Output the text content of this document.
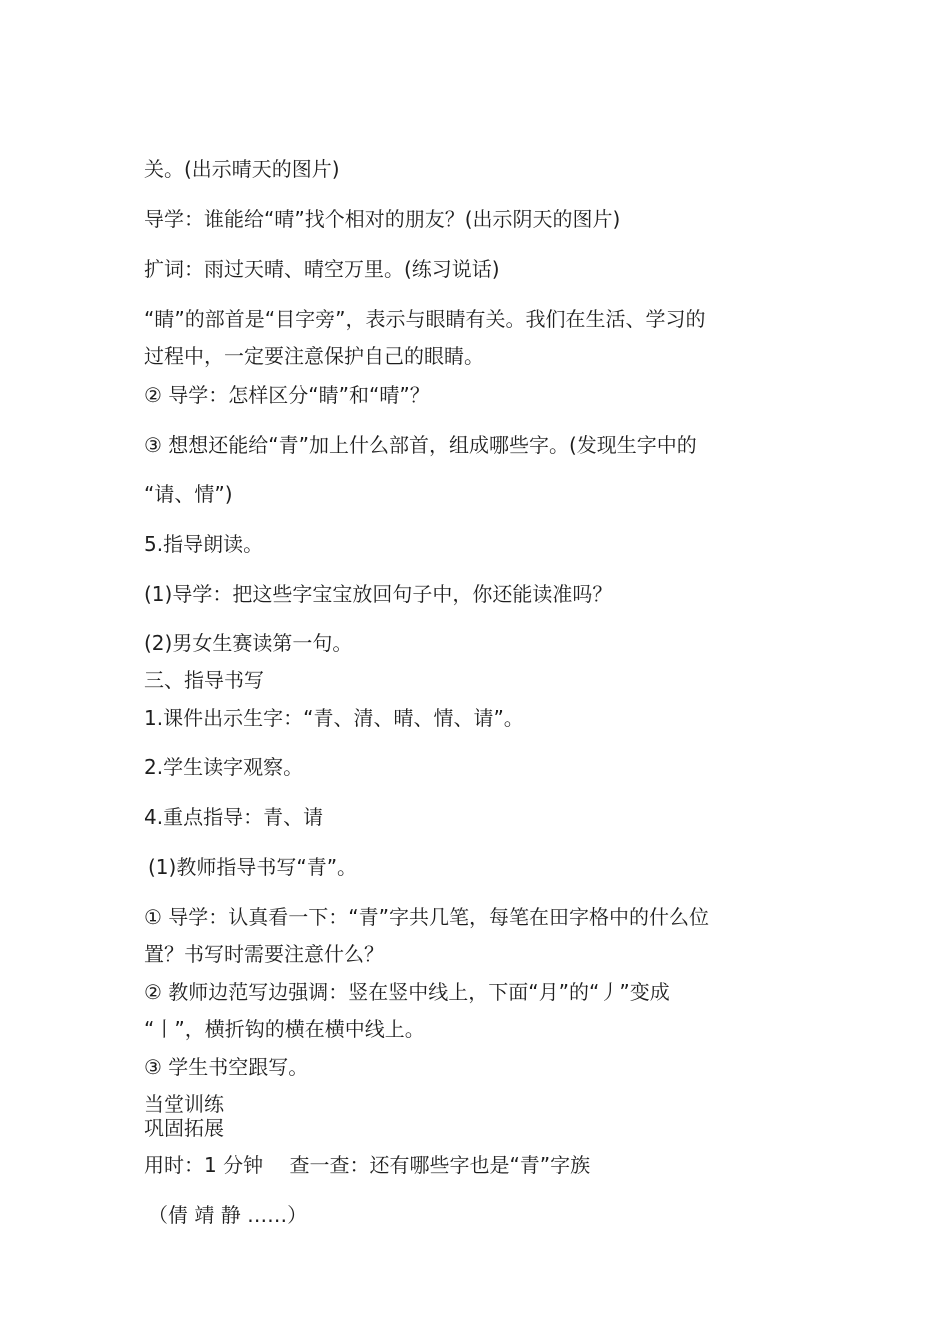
关。(出示晴天的图片)

导学：谁能给“晴”找个相对的朋友？(出示阴天的图片)

扩词：雨过天晴、晴空万里。(练习说话)

“睛”的部首是“目字旁”，表示与眼睛有关。我们在生活、学习的

过程中，一定要注意保护自己的眼睛。

② 导学：怎样区分“睛”和“晴”？

③ 想想还能给“青”加上什么部首，组成哪些字。(发现生字中的

“请、情”)

5.指导朗读。

(1)导学：把这些字宝宝放回句子中，你还能读准吗？

(2)男女生赛读第一句。

三、指导书写

1.课件出示生字：“青、清、晴、情、请”。

2.学生读字观察。

4.重点指导：青、请

(1)教师指导书写“青”。

① 导学：认真看一下：“青”字共几笔，每笔在田字格中的什么位

置？书写时需要注意什么？

② 教师边范写边强调：竖在竖中线上，下面“月”的“丿”变成

“丨”，横折钩的横在横中线上。

③ 学生书空跟写。

当堂训练

巩固拓展

用时：1 分钟　 查一查：还有哪些字也是“青”字族

（倩 靖 静 ……）
